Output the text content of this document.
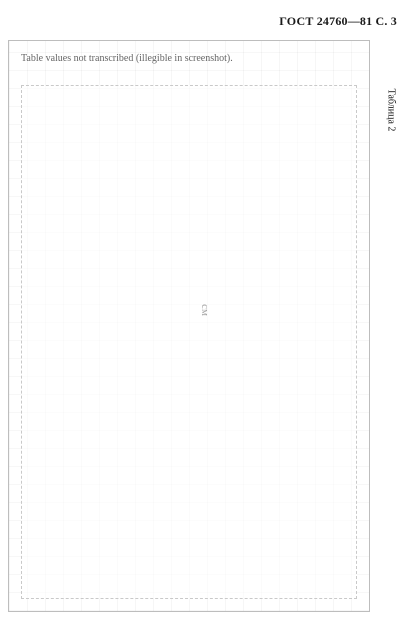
ГОСТ 24760—81 С. 3
Таблица 2
Table values not transcribed (illegible in screenshot).
